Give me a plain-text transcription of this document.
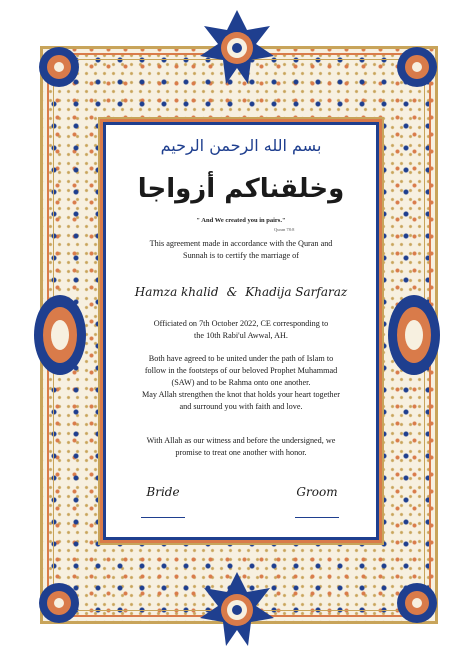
بسم الله الرحمن الرحيم
وخلقناكم أزواجا
" And We created you in pairs."
Quran 78:8
This agreement made in accordance with the Quran and
Sunnah is to certify the marriage of
Hamza khalid & Khadija Sarfaraz
Officiated on 7th October 2022, CE corresponding to
the 10th Rabi'ul Awwal, AH.
Both have agreed to be united under the path of Islam to
follow in the footsteps of our beloved Prophet Muhammad
(SAW) and to be Rahma onto one another.
May Allah strengthen the knot that holds your heart together
and surround you with faith and love.
With Allah as our witness and before the undersigned, we
promise to treat one another with honor.
Bride	Groom
